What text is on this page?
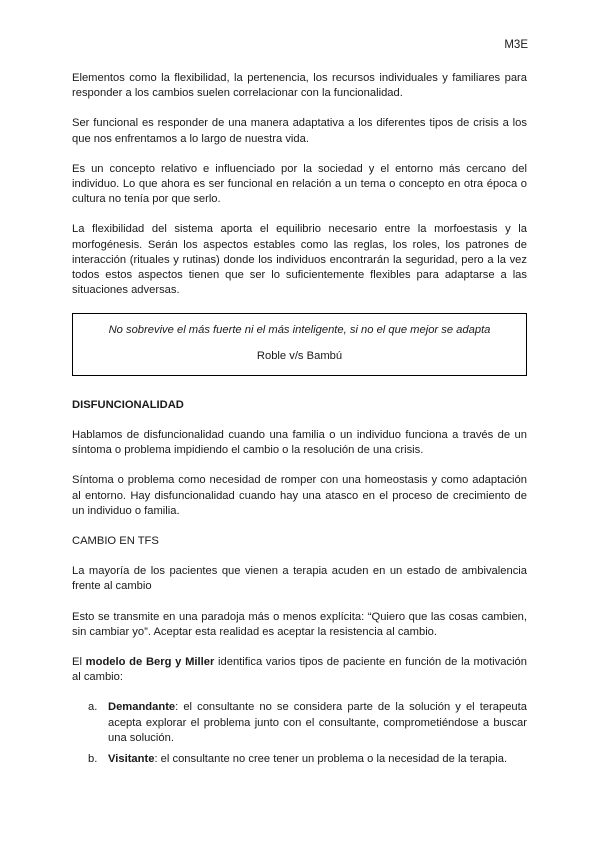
M3E

Elementos como la flexibilidad, la pertenencia, los recursos individuales y familiares para responder a los cambios suelen correlacionar con la funcionalidad.

Ser funcional es responder de una manera adaptativa a los diferentes tipos de crisis a los que nos enfrentamos a lo largo de nuestra vida.

Es un concepto relativo e influenciado por la sociedad y el entorno más cercano del individuo. Lo que ahora es ser funcional en relación a un tema o concepto en otra época o cultura no tenía por que serlo.

La flexibilidad del sistema aporta el equilibrio necesario entre la morfoestasis y la morfogénesis. Serán los aspectos estables como las reglas, los roles, los patrones de interacción (rituales y rutinas) donde los individuos encontrarán la seguridad, pero a la vez todos estos aspectos tienen que ser lo suficientemente flexibles para adaptarse a las situaciones adversas.

No sobrevive el más fuerte ni el más inteligente, si no el que mejor se adapta
Roble v/s Bambú
DISFUNCIONALIDAD

Hablamos de disfuncionalidad cuando una familia o un individuo funciona a través de un síntoma o problema impidiendo el cambio o la resolución de una crisis.

Síntoma o problema como necesidad de romper con una homeostasis y como adaptación al entorno. Hay disfuncionalidad cuando hay una atasco en el proceso de crecimiento de un individuo o familia.

CAMBIO EN TFS

La mayoría de los pacientes que vienen a terapia acuden en un estado de ambivalencia frente al cambio

Esto se transmite en una paradoja más o menos explícita: “Quiero que las cosas cambien, sin cambiar yo”. Aceptar esta realidad es aceptar la resistencia al cambio.

El modelo de Berg y Miller identifica varios tipos de paciente en función de la motivación al cambio:

a. Demandante: el consultante no se considera parte de la solución y el terapeuta acepta explorar el problema junto con el consultante, comprometiéndose a buscar una solución.
b. Visitante: el consultante no cree tener un problema o la necesidad de la terapia.
